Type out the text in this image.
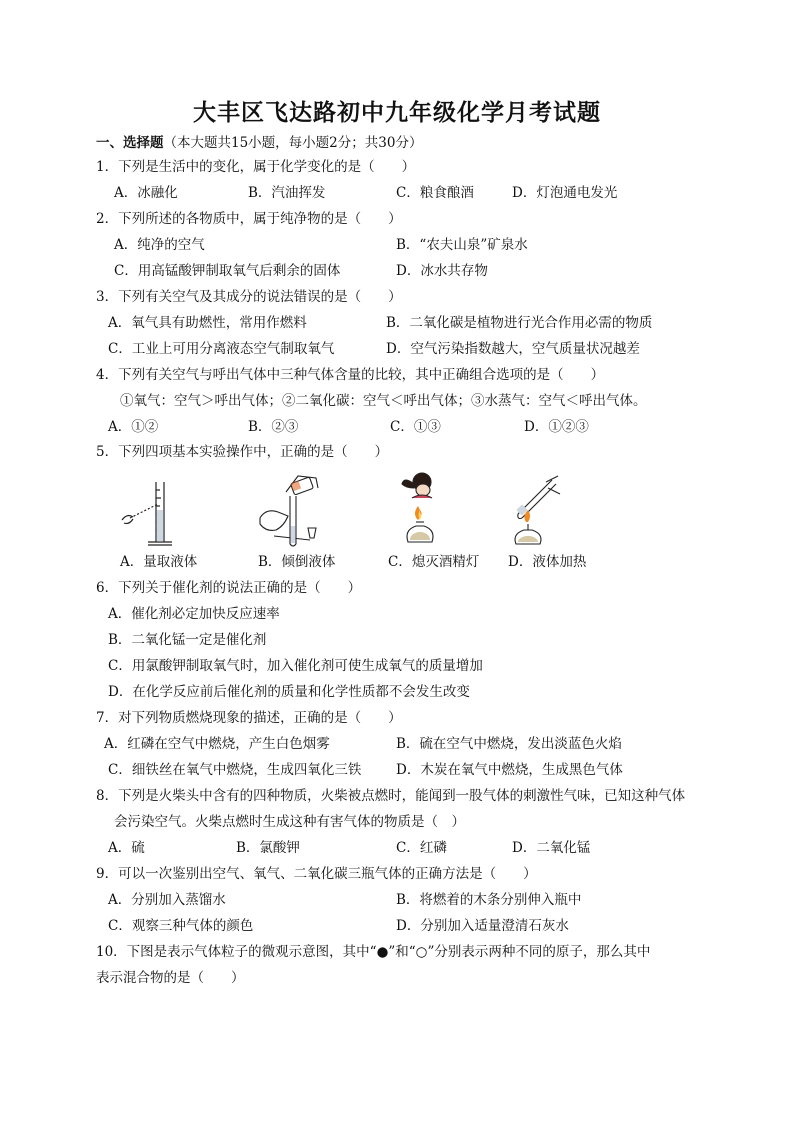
大丰区飞达路初中九年级化学月考试题
一、选择题（本大题共15小题，每小题2分；共30分）
1．下列是生活中的变化，属于化学变化的是（　　）
A．冰融化	B．汽油挥发	C．粮食酿酒	D．灯泡通电发光
2．下列所述的各物质中，属于纯净物的是（　　）
A．纯净的空气	B．“农夫山泉”矿泉水
C．用高锰酸钾制取氧气后剩余的固体	D．冰水共存物
3．下列有关空气及其成分的说法错误的是（　　）
A．氧气具有助燃性，常用作燃料	B．二氧化碳是植物进行光合作用必需的物质
C．工业上可用分离液态空气制取氧气	D．空气污染指数越大，空气质量状况越差
4．下列有关空气与呼出气体中三种气体含量的比较，其中正确组合选项的是（　　）
①氧气：空气＞呼出气体；②二氧化碳：空气＜呼出气体；③水蒸气：空气＜呼出气体。
A．①②	B．②③	C．①③	D．①②③
5．下列四项基本实验操作中，正确的是（　　）
A．量取液体	B．倾倒液体	C．熄灭酒精灯 D．液体加热
6．下列关于催化剂的说法正确的是（　　）
A．催化剂必定加快反应速率
B．二氧化锰一定是催化剂
C．用氯酸钾制取氧气时，加入催化剂可使生成氧气的质量增加
D．在化学反应前后催化剂的质量和化学性质都不会发生改变
7．对下列物质燃烧现象的描述，正确的是（　　）
A．红磷在空气中燃烧，产生白色烟雾	B．硫在空气中燃烧，发出淡蓝色火焰
C．细铁丝在氧气中燃烧，生成四氧化三铁	D．木炭在氧气中燃烧，生成黑色气体
8．下列是火柴头中含有的四种物质，火柴被点燃时，能闻到一股气体的刺激性气味，已知这种气体
会污染空气。火柴点燃时生成这种有害气体的物质是（　）
A．硫	B．氯酸钾	C．红磷	D．二氧化锰
9．可以一次鉴别出空气、氧气、二氧化碳三瓶气体的正确方法是（　　）
A．分别加入蒸馏水	B．将燃着的木条分别伸入瓶中
C．观察三种气体的颜色	D．分别加入适量澄清石灰水
10．下图是表示气体粒子的微观示意图，其中“●”和“○”分别表示两种不同的原子，那么其中
表示混合物的是（　　）
